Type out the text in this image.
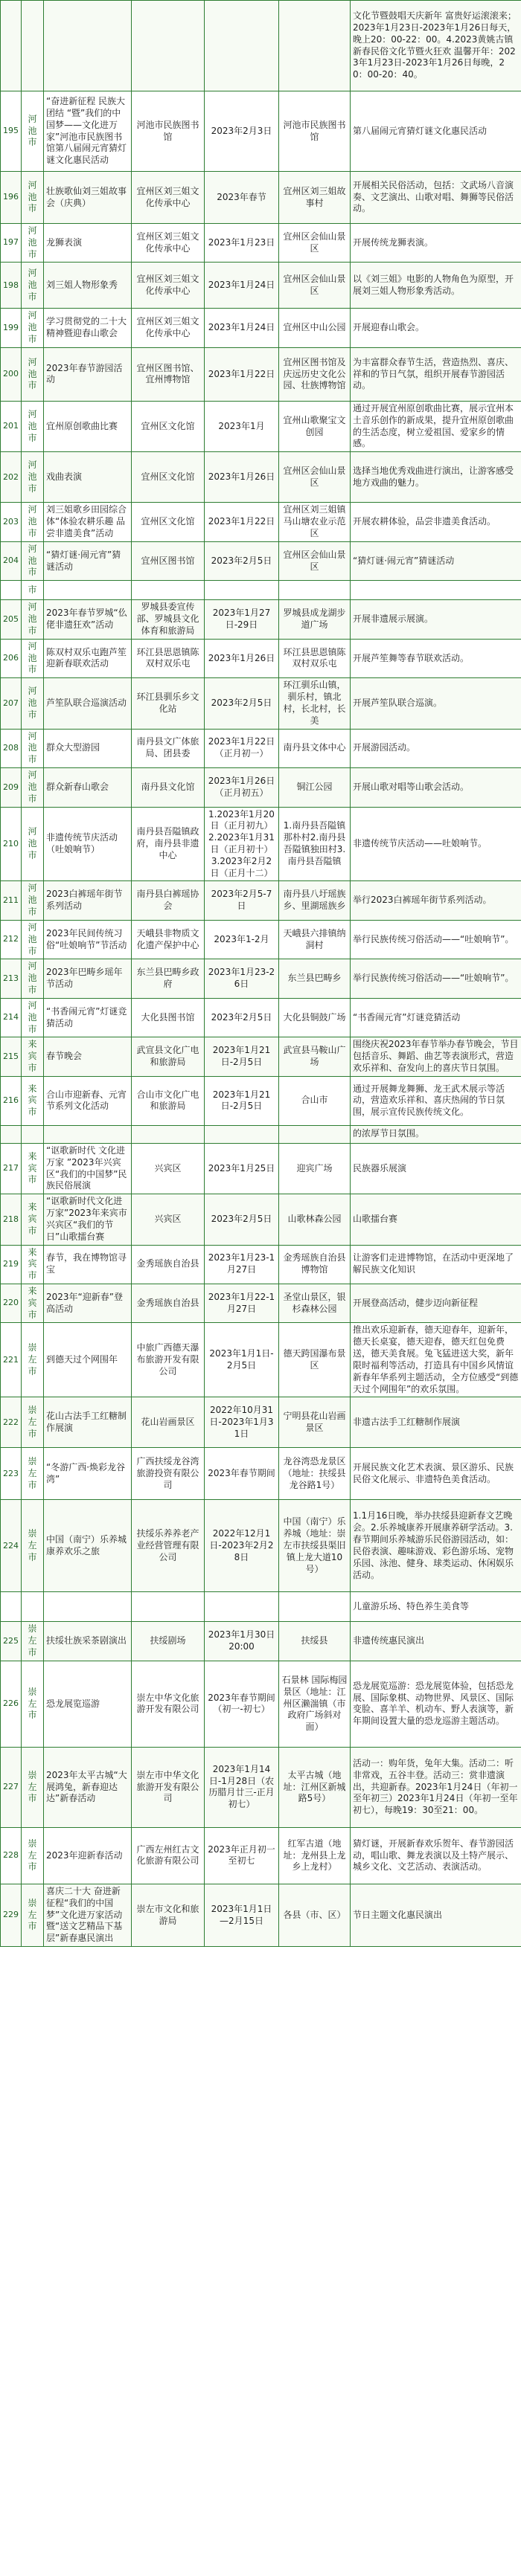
						文化节暨鼓唱天庆新年 富贵好运滚滚来；2023年1月23日-2023年1月26日每天，晚上20：00-22：00。4.2023黄姚古镇新春民俗文化节暨火狂欢 温馨开年：2023年1月23日-2023年1月26日每晚，20：00-20：40。
195	河池市	“奋进新征程 民族大团结 “暨”我们的中国梦——文化进万家”河池市民族图书馆第八届闹元宵猜灯谜文化惠民活动	河池市民族图书馆	2023年2月3日	河池市民族图书馆	第八届闹元宵猜灯谜文化惠民活动
196	河池市	壮族歌仙刘三姐故事会（庆典）	宜州区刘三姐文化传承中心	2023年春节	宜州区刘三姐故事村	开展相关民俗活动，包括：文武场八音演奏、文艺演出、山歌对唱、舞狮等民俗活动。
197	河池市	龙狮表演	宜州区刘三姐文化传承中心	2023年1月23日	宜州区会仙山景区	开展传统龙狮表演。
198	河池市	刘三姐人物形象秀	宜州区刘三姐文化传承中心	2023年1月24日	宜州区会仙山景区	以《刘三姐》电影的人物角色为原型，开展刘三姐人物形象秀活动。
199	河池市	学习贯彻党的二十大精神暨迎春山歌会	宜州区刘三姐文化传承中心	2023年1月24日	宜州区中山公园	开展迎春山歌会。
200	河池市	2023年春节游园活动	宜州区图书馆、宜州博物馆	2023年1月22日	宜州区图书馆及庆远历史文化公园、壮族博物馆	为丰富群众春节生活，营造热烈、喜庆、祥和的节日气氛，组织开展春节游园活动。
201	河池市	宜州原创歌曲比赛	宜州区文化馆	2023年1月	宜州山歌聚宝文创园	通过开展宜州原创歌曲比赛，展示宜州本土音乐创作的新成果，提升宜州原创歌曲的生活态度，树立爱祖国、爱家乡的情感。
202	河池市	戏曲表演	宜州区文化馆	2023年1月26日	宜州区会仙山景区	选择当地优秀戏曲进行演出，让游客感受地方戏曲的魅力。
203	河池市	刘三姐歌乡田园综合体“体验农耕乐趣 品尝非遗美食”活动	宜州区文化馆	2023年1月22日	宜州区刘三姐镇马山塘农业示范区	开展农耕体验，品尝非遗美食活动。
204	河池市	“猜灯谜·闹元宵”猜谜活动	宜州区图书馆	2023年2月5日	宜州区会仙山景区	“猜灯谜·闹元宵”猜谜活动
	市					
205	河池市	2023年春节罗城“仫佬非遗狂欢”活动	罗城县委宣传部、罗城县文化体育和旅游局	2023年1月27日-29日	罗城县成龙湖步道广场	开展非遗展示展演。
206	河池市	陈双村双乐屯跑芦笙迎新春联欢活动	环江县思恩镇陈双村双乐屯	2023年1月26日	环江县思恩镇陈双村双乐屯	开展芦笙舞等春节联欢活动。
207	河池市	芦笙队联合巡演活动	环江县驯乐乡文化站	2023年2月5日	环江驯乐山镇，驯乐村，镇北村，长北村，长美	开展芦笙队联合巡演。
208	河池市	群众大型游园	南丹县文广体旅局、团县委	2023年1月22日（正月初一）	南丹县文体中心	开展游园活动。
209	河池市	群众新春山歌会	南丹县文化馆	2023年1月26日（正月初五）	铜江公园	开展山歌对唱等山歌会活动。
210	河池市	非遗传统节庆活动（吐娘响节）	南丹县吾隘镇政府，南丹县非遗中心	1.2023年1月20日（正月初九）2.2023年1月31日（正月初十）3.2023年2月2日（正月十二）	1.南丹县吾隘镇那朴村2.南丹县吾隘镇独田村3.南丹县吾隘镇	非遗传统节庆活动——吐娘响节。
211	河池市	2023白裤瑶年街节系列活动	南丹县白裤瑶协会	2023年2月5-7日	南丹县八圩瑶族乡、里湖瑶族乡	举行2023白裤瑶年街节系列活动。
212	河池市	2023年民间传统习俗“吐娘响节”节活动	天峨县非物质文化遗产保护中心	2023年1-2月	天峨县六排镇纳洞村	举行民族传统习俗活动——“吐娘响节”。
213	河池市	2023年巴畴乡瑶年节活动	东兰县巴畴乡政府	2023年1月23-26日	东兰县巴畴乡	举行民族传统习俗活动——“吐娘响节”。
214	河池市	“书香闹元宵”灯谜竞猜活动	大化县图书馆	2023年2月5日	大化县铜鼓广场	“书香闹元宵”灯谜竞猜活动
215	来宾市	春节晚会	武宣县文化广电和旅游局	2023年1月21日-2月5日	武宣县马鞍山广场	围绕庆祝2023年春节举办春节晚会，节目包括音乐、舞蹈、曲艺等表演形式，营造欢乐祥和、奋发向上的喜庆节日氛围。
216	来宾市	合山市迎新春、元宵节系列文化活动	合山市文化广电和旅游局	2023年1月21日-2月5日	合山市	通过开展舞龙舞狮、龙王武术展示等活动，营造欢乐祥和、喜庆热闹的节日氛围，展示宣传民族传统文化。
						的浓厚节日氛围。
217	来宾市	“讴歌新时代 文化进万家 ”2023年兴宾区“我们的中国梦”民族民俗展演	兴宾区	2023年1月25日	迎宾广场	民族器乐展演
218	来宾市	“讴歌新时代文化进万家”2023年来宾市兴宾区“我们的节日”山歌擂台赛	兴宾区	2023年2月5日	山歌林森公园	山歌擂台赛
219	来宾市	春节，我在博物馆寻宝	金秀瑶族自治县	2023年1月23-1月27日	金秀瑶族自治县博物馆	让游客们走进博物馆，在活动中更深地了解民族文化知识
220	来宾市	2023年“迎新春”登高活动	金秀瑶族自治县	2023年1月22-1月27日	圣堂山景区，银杉森林公园	开展登高活动，健步迈向新征程
221	崇左市	到德天过个网围年	中旅广西德天瀑布旅游开发有限公司	2023年1月1日-2月5日	德天跨国瀑布景区	推出欢乐迎新春，德天迎春年，迎新年，德天长桌宴，德天迎春，德天红包免费送，德天美食展。兔飞猛进送大奖，新年限时福利等活动，打造具有中国乡风情谊新春年华系列主题活动，全方位感受“到德天过个网围年”的欢乐氛围。
222	崇左市	花山古法手工红糖制作展演	花山岩画景区	2022年10月31日-2023年1月31日	宁明县花山岩画景区	非遗古法手工红糖制作展演
223	崇左市	“冬游广西·焕彩龙谷湾”	广西扶绥龙谷湾旅游投资有限公司	2023年春节期间	龙谷湾恐龙景区（地址：扶绥县龙谷路1号）	开展民族文化艺术表演、景区游乐、民族民俗文化展示、非遗特色美食活动。
224	崇左市	中国（南宁）乐养城康养欢乐之旅	扶绥乐养养老产业经营管理有限公司	2022年12月1日-2023年2月28日	中国（南宁）乐养城（地址：崇左市扶绥县渠旧镇上龙大道10号）	1.1月16日晚，举办扶绥县迎新春文艺晚会。2.乐养城康养开展康养研学活动。3.春节期间乐养城游乐民俗游园活动，如：民俗表演、趣味游戏、彩色游乐场、宠物乐园、泳池、健身、球类运动、休闲娱乐活动。
						儿童游乐场、特色养生美食等
225	崇左市	扶绥壮族采茶剧演出	扶绥剧场	2023年1月30日20:00	扶绥县	非遗传统惠民演出
226	崇左市	恐龙展览巡游	崇左中华文化旅游开发有限公司	2023年春节期间（初一-初七）	石景林 国际梅园景区（地址：江州区濑湍镇（市政府广场斜对面）	恐龙展览巡游：恐龙展览体验，包括恐龙展、国际象棋、动物世界、风景区、国际变脸、喜羊羊、机动车、野人表演等，新年期间设置大量的恐龙巡游主题活动。
227	崇左市	2023年太平古城“大展鸿兔，新春迎达达”新春活动	崇左市中华文化旅游开发有限公司	2023年1月14日-1月28日（农历腊月廿三-正月初七）	太平古城（地址：江州区新城路5号）	活动一：购年货，兔年大集。活动二：听非常戏，五谷丰登。活动三：赏非遗演出，共迎新春。2023年1月24日（年初一至年初三）2023年1月24日（年初一至年初七），每晚19：30至21：00。
228	崇左市	2023年迎新春活动	广西左州红古文化旅游有限公司	2023年正月初一至初七	红军古道（地址：龙州县上龙乡上龙村）	猜灯谜，开展新春欢乐贺年、春节游园活动，唱山歌、舞龙表演以及土特产展示、城乡文化、文艺活动、表演活动。
229	崇左市	喜庆二十大 奋进新征程“我们的中国梦”文化进万家活动暨“送文艺精品下基层”新春惠民演出	崇左市文化和旅游局	2023年1月1日—2月15日	各县（市、区）	节日主题文化惠民演出
